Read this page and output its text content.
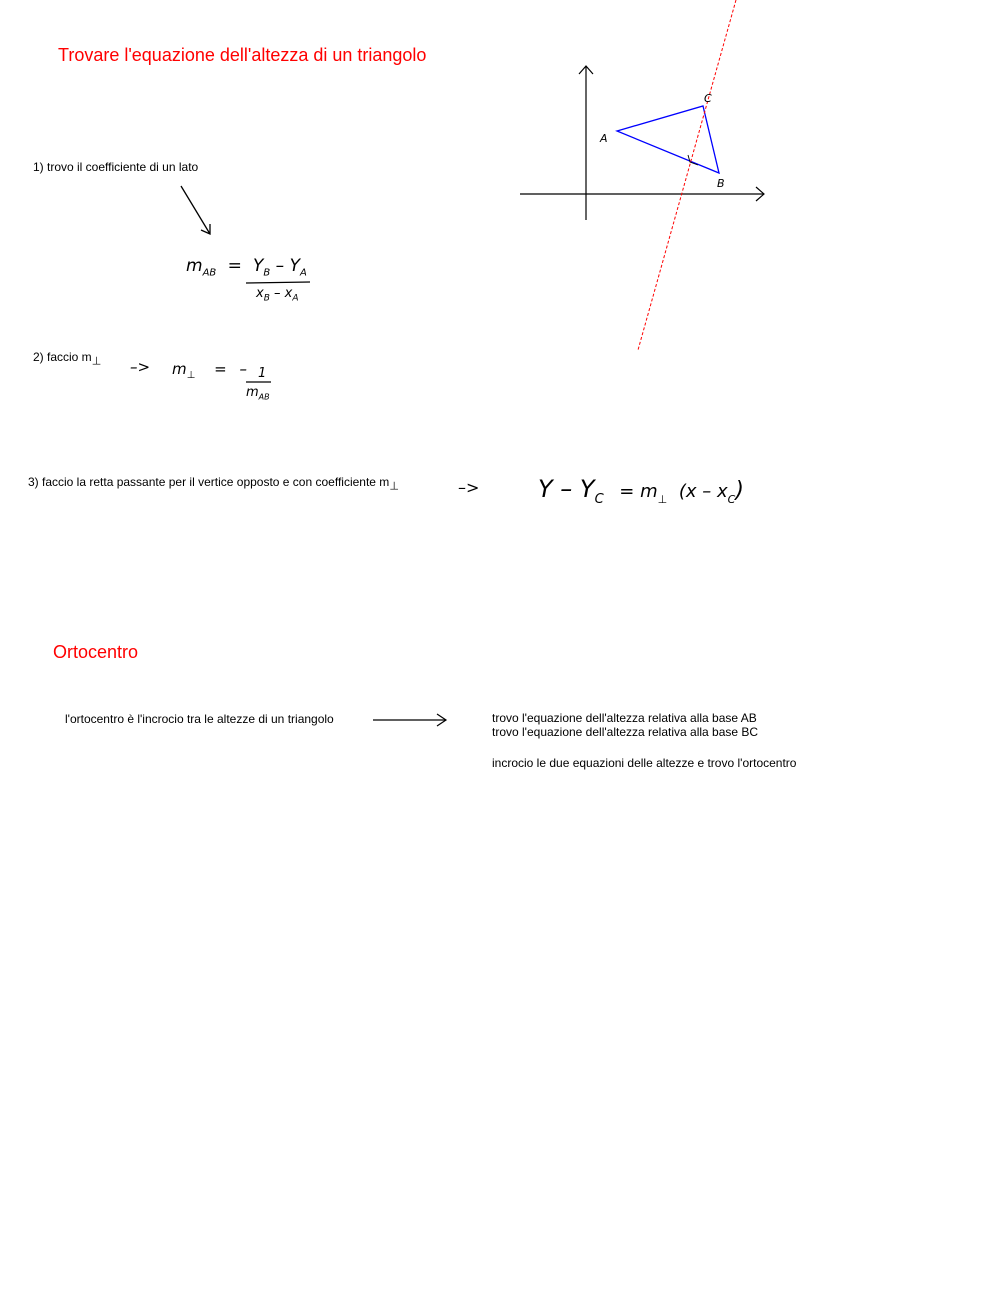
Trovare l'equazione dell'altezza di un triangolo
A
B
C
1) trovo il coefficiente di un lato
$m_{AB} = Y_B - Y_A$
$x_B - x_A$
2) faccio $m_\perp -> m_\perp$ = – 1
$m_{AB}$
3) faccio la retta passante per il vertice opposto e con coefficiente $m_\perp$	–> $Y - Y_C = m_\perp$ $(x - x_C)$
Ortocentro
l'ortocentro è l'incrocio tra le altezze di un triangolo	trovo l'equazione dell'altezza relativa alla base AB
trovo l'equazione dell'altezza relativa alla base BC
incrocio le due equazioni delle altezze e trovo l'ortocentro
